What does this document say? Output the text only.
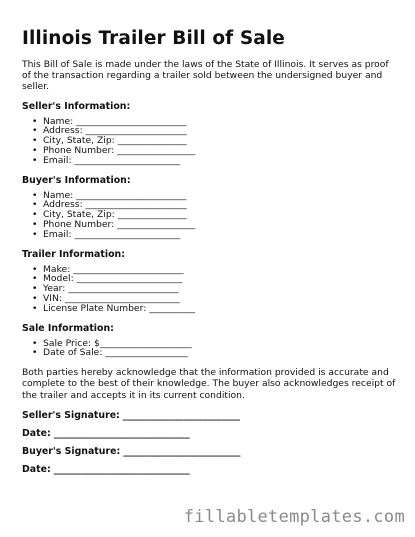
Illinois Trailer Bill of Sale

This Bill of Sale is made under the laws of the State of Illinois. It serves as proof of the transaction regarding a trailer sold between the undersigned buyer and seller.

Seller's Information:
• Name: ________________________
• Address: ______________________
• City, State, Zip: _______________
• Phone Number: _________________
• Email: _______________________
Buyer's Information:
• Name: ________________________
• Address: ______________________
• City, State, Zip: _______________
• Phone Number: _________________
• Email: _______________________
Trailer Information:
• Make: ________________________
• Model: _______________________
• Year: ________________________
• VIN: _________________________
• License Plate Number: __________
Sale Information:
• Sale Price: $____________________
• Date of Sale: __________________

Both parties hereby acknowledge that the information provided is accurate and complete to the best of their knowledge. The buyer also acknowledges receipt of the trailer and accepts it in its current condition.

Seller's Signature: _________________________
Date: _____________________________
Buyer's Signature: _________________________
Date: _____________________________
fillabletemplates.com
